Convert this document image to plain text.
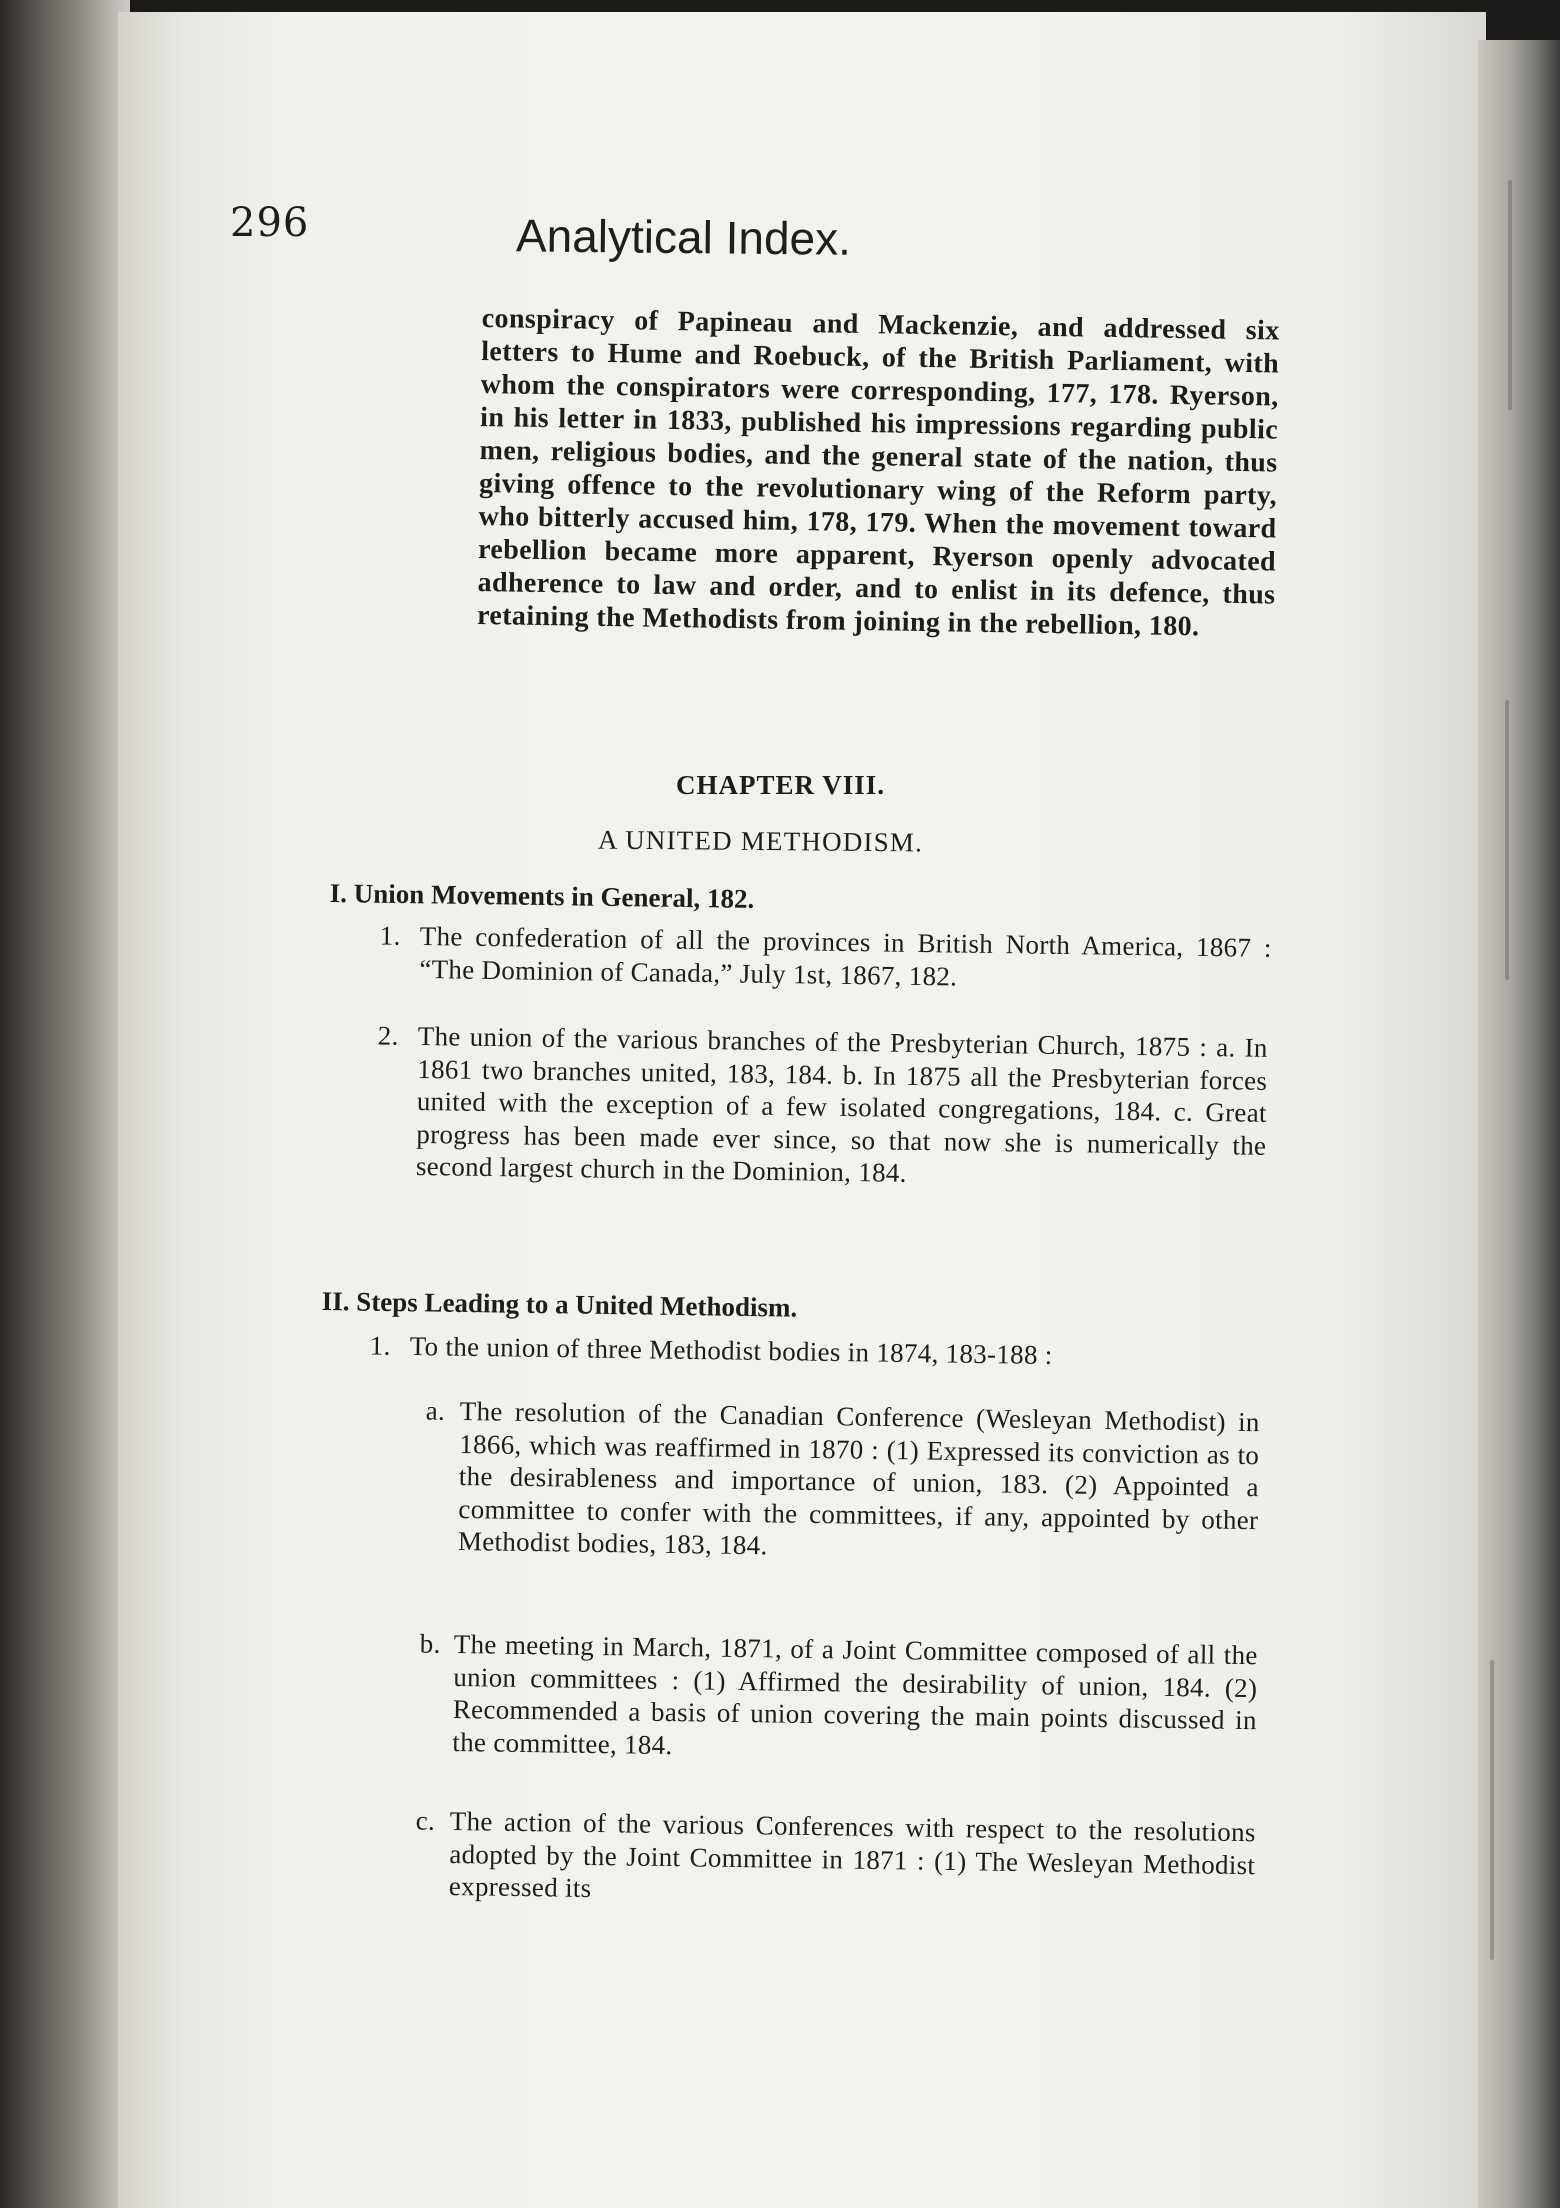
296	Analytical Index.
conspiracy of Papineau and Mackenzie, and addressed six letters to Hume and Roebuck, of the British Parliament, with whom the conspirators were corresponding, 177, 178. Ryerson, in his letter in 1833, published his impressions regarding public men, religious bodies, and the general state of the nation, thus giving offence to the revolutionary wing of the Reform party, who bitterly accused him, 178, 179. When the movement toward rebellion became more apparent, Ryerson openly advocated adherence to law and order, and to enlist in its defence, thus retaining the Methodists from joining in the rebellion, 180.
CHAPTER VIII.
A UNITED METHODISM.
I. Union Movements in General, 182.
1. The confederation of all the provinces in British North America, 1867 : “The Dominion of Canada,” July 1st, 1867, 182.
2. The union of the various branches of the Presbyterian Church, 1875 : a. In 1861 two branches united, 183, 184. b. In 1875 all the Presbyterian forces united with the exception of a few isolated congregations, 184. c. Great progress has been made ever since, so that now she is numerically the second largest church in the Dominion, 184.
II. Steps Leading to a United Methodism.
1. To the union of three Methodist bodies in 1874, 183-188 :
a. The resolution of the Canadian Conference (Wesleyan Methodist) in 1866, which was reaffirmed in 1870 : (1) Expressed its conviction as to the desirableness and importance of union, 183. (2) Appointed a committee to confer with the committees, if any, appointed by other Methodist bodies, 183, 184.
b. The meeting in March, 1871, of a Joint Committee composed of all the union committees : (1) Affirmed the desirability of union, 184. (2) Recommended a basis of union covering the main points discussed in the committee, 184.
c. The action of the various Conferences with respect to the resolutions adopted by the Joint Committee in 1871 : (1) The Wesleyan Methodist expressed its
